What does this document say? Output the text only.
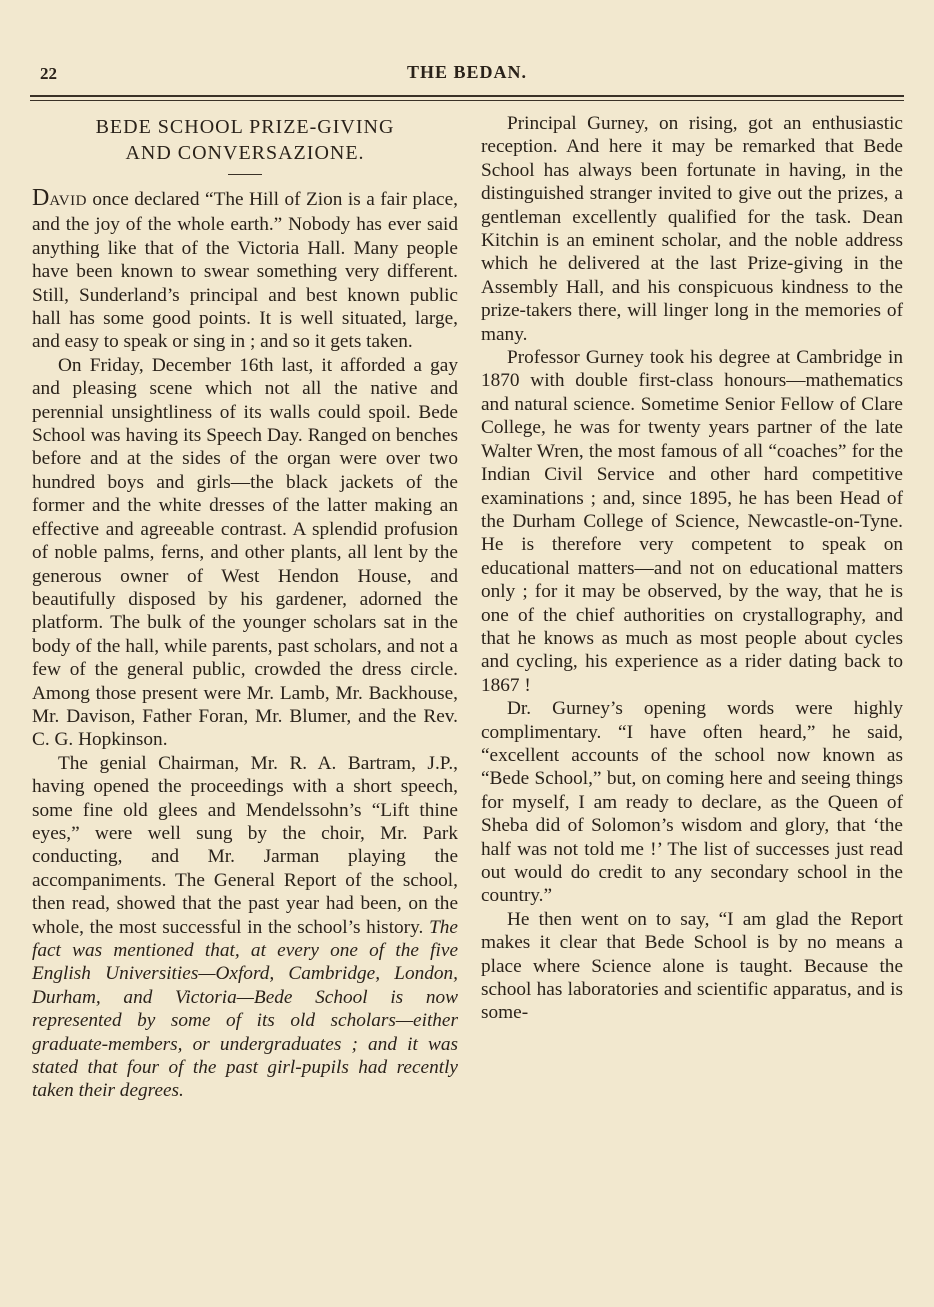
22	THE BEDAN.
BEDE SCHOOL PRIZE-GIVING
AND CONVERSAZIONE.

DAVID once declared “The Hill of Zion is a fair place, and the joy of the whole earth.” Nobody has ever said anything like that of the Victoria Hall. Many people have been known to swear something very different. Still, Sunderland’s principal and best known public hall has some good points. It is well situated, large, and easy to speak or sing in ; and so it gets taken.

On Friday, December 16th last, it afforded a gay and pleasing scene which not all the native and perennial unsightliness of its walls could spoil. Bede School was having its Speech Day. Ranged on benches before and at the sides of the organ were over two hundred boys and girls—the black jackets of the former and the white dresses of the latter making an effective and agreeable contrast. A splendid profusion of noble palms, ferns, and other plants, all lent by the generous owner of West Hendon House, and beautifully disposed by his gardener, adorned the platform. The bulk of the younger scholars sat in the body of the hall, while parents, past scholars, and not a few of the general public, crowded the dress circle. Among those present were Mr. Lamb, Mr. Backhouse, Mr. Davison, Father Foran, Mr. Blumer, and the Rev. C. G. Hopkinson.

The genial Chairman, Mr. R. A. Bartram, J.P., having opened the proceedings with a short speech, some fine old glees and Mendelssohn’s “Lift thine eyes,” were well sung by the choir, Mr. Park conducting, and Mr. Jarman playing the accompaniments. The General Report of the school, then read, showed that the past year had been, on the whole, the most successful in the school’s history. The fact was mentioned that, at every one of the five English Universities—Oxford, Cambridge, London, Durham, and Victoria—Bede School is now represented by some of its old scholars—either graduate-members, or undergraduates ; and it was stated that four of the past girl-pupils had recently taken their degrees.

Principal Gurney, on rising, got an enthusiastic reception. And here it may be remarked that Bede School has always been fortunate in having, in the distinguished stranger invited to give out the prizes, a gentleman excellently qualified for the task. Dean Kitchin is an eminent scholar, and the noble address which he delivered at the last Prize-giving in the Assembly Hall, and his conspicuous kindness to the prize-takers there, will linger long in the memories of many.

Professor Gurney took his degree at Cambridge in 1870 with double first-class honours—mathematics and natural science. Sometime Senior Fellow of Clare College, he was for twenty years partner of the late Walter Wren, the most famous of all “coaches” for the Indian Civil Service and other hard competitive examinations ; and, since 1895, he has been Head of the Durham College of Science, Newcastle-on-Tyne. He is therefore very competent to speak on educational matters—and not on educational matters only ; for it may be observed, by the way, that he is one of the chief authorities on crystallography, and that he knows as much as most people about cycles and cycling, his experience as a rider dating back to 1867 !

Dr. Gurney’s opening words were highly complimentary. “I have often heard,” he said, “excellent accounts of the school now known as “Bede School,” but, on coming here and seeing things for myself, I am ready to declare, as the Queen of Sheba did of Solomon’s wisdom and glory, that ‘the half was not told me !’ The list of successes just read out would do credit to any secondary school in the country.”

He then went on to say, “I am glad the Report makes it clear that Bede School is by no means a place where Science alone is taught. Because the school has laboratories and scientific apparatus, and is some-
